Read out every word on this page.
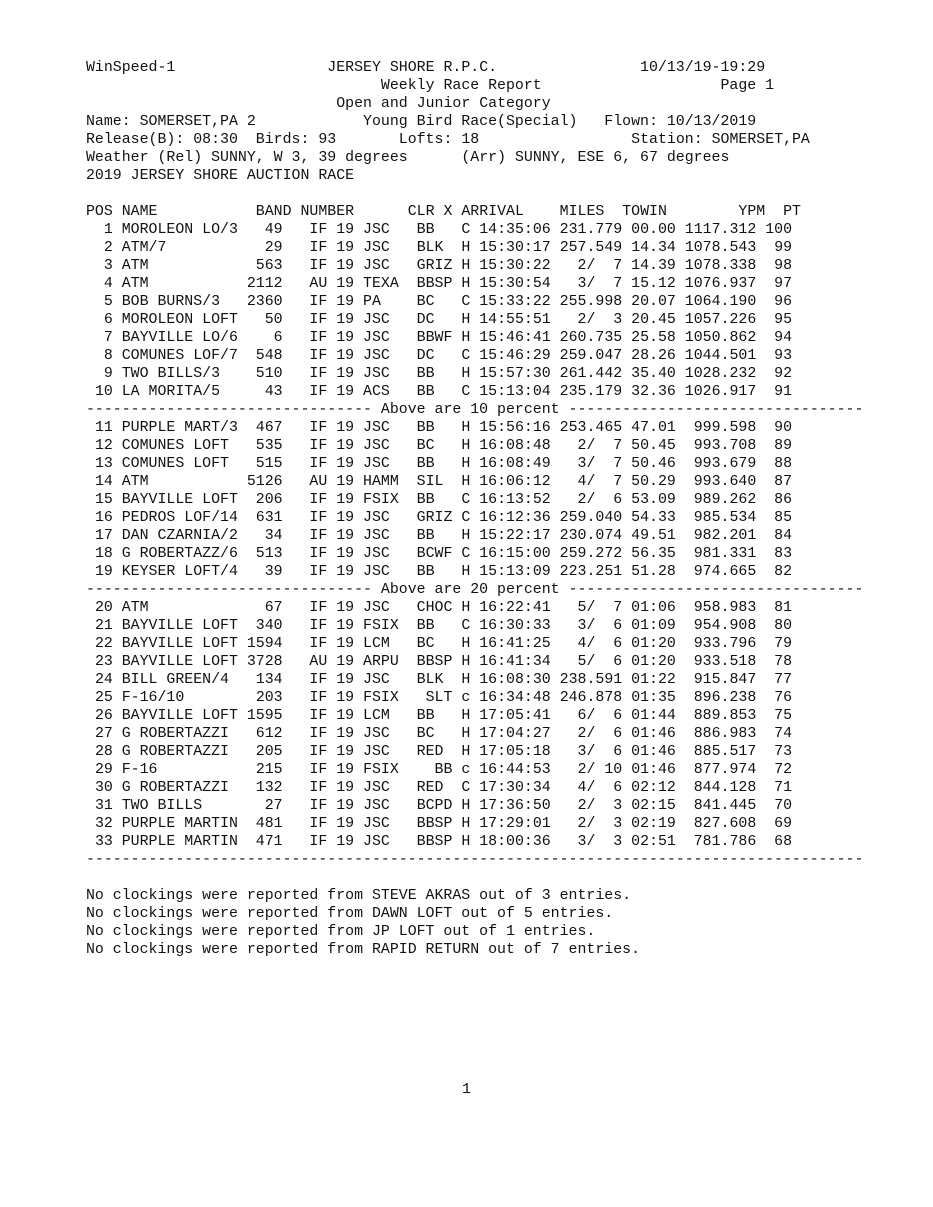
1
WinSpeed-1	JERSEY SHORE R.P.C.	10/13/19-19:29
Weekly Race Report	Page 1
Open and Junior Category
Name: SOMERSET,PA 2	Young Bird Race(Special) Flown: 10/13/2019
Release(B): 08:30 Birds: 93	Lofts: 18	Station: SOMERSET,PA
Weather (Rel) SUNNY, W 3, 39 degrees	(Arr) SUNNY, ESE 6, 67 degrees
2019 JERSEY SHORE AUCTION RACE
POS NAME	BAND NUMBER	CLR X ARRIVAL MILES TOWIN	YPM PT
1 MOROLEON LO/3 49 IF 19 JSC BB C 14:35:06 231.779 00.00 1117.312 100
2 ATM/7	29 IF 19 JSC BLK H 15:30:17 257.549 14.34 1078.543 99
3 ATM	563 IF 19 JSC GRIZ H 15:30:22 2/  7 14.39 1078.338 98
4 ATM	2112 AU 19 TEXA BBSP H 15:30:54 3/  7 15.12 1076.937 97
5 BOB BURNS/3 2360 IF 19 PA BC C 15:33:22 255.998 20.07 1064.190 96
6 MOROLEON LOFT 50 IF 19 JSC DC H 14:55:51 2/  3 20.45 1057.226 95
7 BAYVILLE LO/6 6 IF 19 JSC BBWF H 15:46:41 260.735 25.58 1050.862 94
8 COMUNES LOF/7 548 IF 19 JSC DC C 15:46:29 259.047 28.26 1044.501 93
9 TWO BILLS/3 510 IF 19 JSC BB H 15:57:30 261.442 35.40 1028.232 92
10 LA MORITA/5	43 IF 19 ACS BB C 15:13:04 235.179 32.36 1026.917 91
-------------------------------- Above are 10 percent ---------------------------------
11 PURPLE MART/3 467 IF 19 JSC BB H 15:56:16 253.465 47.01 999.598 90
12 COMUNES LOFT 535 IF 19 JSC BC H 16:08:48 2/  7 50.45 993.708 89
13 COMUNES LOFT 515 IF 19 JSC BB H 16:08:49 3/  7 50.46 993.679 88
14 ATM	5126 AU 19 HAMM SIL H 16:06:12 4/  7 50.29 993.640 87
15 BAYVILLE LOFT 206 IF 19 FSIX BB C 16:13:52 2/  6 53.09 989.262 86
16 PEDROS LOF/14 631 IF 19 JSC GRIZ C 16:12:36 259.040 54.33 985.534 85
17 DAN CZARNIA/2 34 IF 19 JSC BB H 15:22:17 230.074 49.51 982.201 84
18 G ROBERTAZZ/6 513 IF 19 JSC BCWF C 16:15:00 259.272 56.35 981.331 83
19 KEYSER LOFT/4 39 IF 19 JSC BB H 15:13:09 223.251 51.28 974.665 82
-------------------------------- Above are 20 percent ---------------------------------
20 ATM	67 IF 19 JSC CHOC H 16:22:41 5/  7 01:06 958.983 81
21 BAYVILLE LOFT 340 IF 19 FSIX BB C 16:30:33 3/  6 01:09 954.908 80
22 BAYVILLE LOFT 1594 IF 19 LCM BC H 16:41:25 4/  6 01:20 933.796 79
23 BAYVILLE LOFT 3728 AU 19 ARPU BBSP H 16:41:34 5/  6 01:20 933.518 78
24 BILL GREEN/4 134 IF 19 JSC BLK H 16:08:30 238.591 01:22 915.847 77
25 F-16/10	203 IF 19 FSIX   SLT c 16:34:48 246.878 01:35 896.238 76
26 BAYVILLE LOFT 1595 IF 19 LCM BB H 17:05:41 6/  6 01:44 889.853 75
27 G ROBERTAZZI 612 IF 19 JSC BC H 17:04:27 2/  6 01:46 886.983 74
28 G ROBERTAZZI 205 IF 19 JSC RED H 17:05:18 3/  6 01:46 885.517 73
29 F-16	215 IF 19 FSIX    BB c 16:44:53 2/ 10 01:46 877.974 72
30 G ROBERTAZZI 132 IF 19 JSC RED C 17:30:34 4/  6 02:12 844.128 71
31 TWO BILLS	27 IF 19 JSC BCPD H 17:36:50 2/  3 02:15 841.445 70
32 PURPLE MARTIN 481 IF 19 JSC BBSP H 17:29:01 2/  3 02:19 827.608 69
33 PURPLE MARTIN 471 IF 19 JSC BBSP H 18:00:36 3/  3 02:51 781.786 68
---------------------------------------------------------------------------------------
No clockings were reported from STEVE AKRAS out of 3 entries.
No clockings were reported from DAWN LOFT out of 5 entries.
No clockings were reported from JP LOFT out of 1 entries.
No clockings were reported from RAPID RETURN out of 7 entries.
